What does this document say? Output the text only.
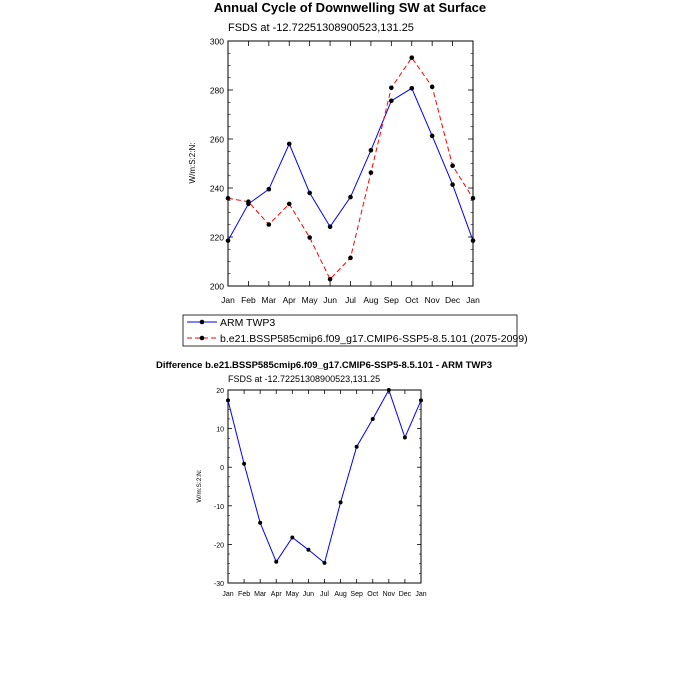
Annual Cycle of Downwelling SW at Surface
FSDS at -12.72251308900523,131.25
W/m:S:2:N:
Jan Feb Mar Apr May Jun Jul Aug Sep Oct Nov Dec Jan
200
220
240
260
280
300
ARM TWP3
b.e21.BSSP585cmip6.f09_g17.CMIP6-SSP5-8.5.101 (2075-2099)
Difference b.e21.BSSP585cmip6.f09_g17.CMIP6-SSP5-8.5.101 - ARM TWP3
FSDS at -12.72251308900523,131.25
W/m:S:2:N:
Jan Feb Mar Apr May Jun Jul Aug Sep Oct Nov Dec Jan
-30
-20
-10
0
10
20
